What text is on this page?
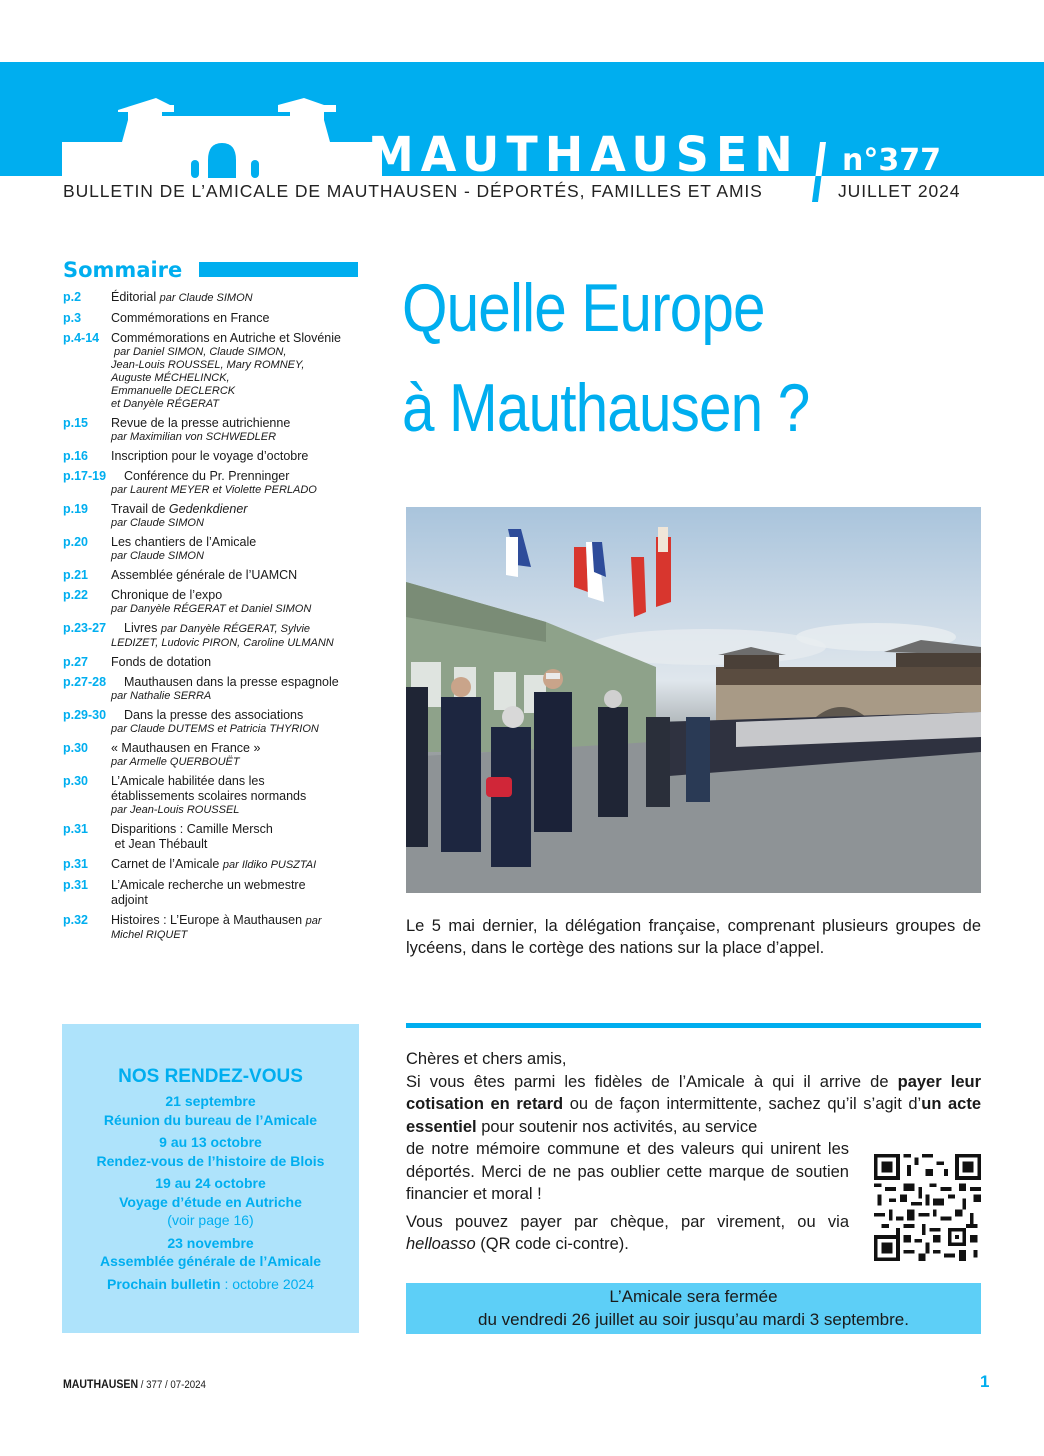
MAUTHAUSEN n°377
BULLETIN DE L’AMICALE DE MAUTHAUSEN - DÉPORTÉS, FAMILLES ET AMIS	JUILLET 2024
Sommaire
p.2	Éditorial par Claude SIMON
p.3	Commémorations en France
p.4-14 Commémorations en Autriche et Slovénie
par Daniel SIMON, Claude SIMON,
Jean-Louis ROUSSEL, Mary ROMNEY,
Auguste MÉCHELINCK,
Emmanuelle DECLERCK
et Danyèle RÉGERAT
p.15	Revue de la presse autrichienne
par Maximilian von SCHWEDLER
p.16	Inscription pour le voyage d’octobre
p.17-19	Conférence du Pr. Prenninger
par Laurent MEYER et Violette PERLADO
p.19	Travail de Gedenkdiener
par Claude SIMON
p.20	Les chantiers de l’Amicale
par Claude SIMON
p.21	Assemblée générale de l’UAMCN
p.22	Chronique de l’expo
par Danyèle RÉGERAT et Daniel SIMON
p.23-27	Livres par Danyèle RÉGERAT, Sylvie
LEDIZET, Ludovic PIRON, Caroline ULMANN
p.27	Fonds de dotation
p.27-28	Mauthausen dans la presse espagnole
par Nathalie SERRA
p.29-30	Dans la presse des associations
par Claude DUTEMS et Patricia THYRION
p.30	« Mauthausen en France »
par Armelle QUERBOUËT
p.30	L’Amicale habilitée dans les
établissements scolaires normands
par Jean-Louis ROUSSEL
p.31	Disparitions : Camille Mersch
et Jean Thébault
p.31	Carnet de l’Amicale par Ildiko PUSZTAI
p.31	L’Amicale recherche un webmestre
adjoint
p.32	Histoires : L’Europe à Mauthausen par
Michel RIQUET
NOS RENDEZ-VOUS
21 septembre
Réunion du bureau de l’Amicale
9 au 13 octobre
Rendez-vous de l’histoire de Blois
19 au 24 octobre
Voyage d’étude en Autriche
(voir page 16)
23 novembre
Assemblée générale de l’Amicale
Prochain bulletin : octobre 2024
Quelle Europe
à Mauthausen ?
Le 5 mai dernier, la délégation française, comprenant plusieurs groupes de lycéens, dans le cortège des nations sur la place d’appel.

Chères et chers amis,

Si vous êtes parmi les fidèles de l’Amicale à qui il arrive de payer leur cotisation en retard ou de façon intermittente, sachez qu’il s’agit d’un acte essentiel pour soutenir nos activités, au service

de notre mémoire commune et des valeurs qui unirent les déportés. Merci de ne pas oublier cette marque de soutien financier et moral !

Vous pouvez payer par chèque, par virement, ou via helloasso (QR code ci-contre).

L’Amicale sera fermée
du vendredi 26 juillet au soir jusqu’au mardi 3 septembre.
MAUTHAUSEN / 377 / 07-2024	1
